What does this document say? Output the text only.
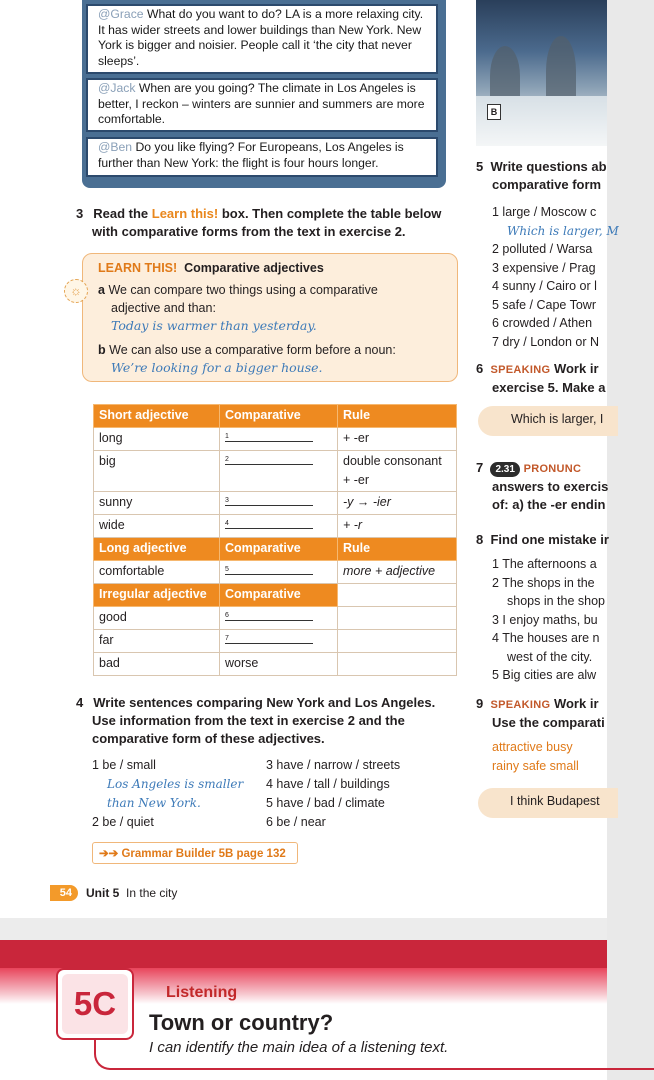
@Grace What do you want to do? LA is a more relaxing city. It has wider streets and lower buildings than New York. New York is bigger and noisier. People call it ‘the city that never sleeps’.
@Jack When are you going? The climate in Los Angeles is better, I reckon – winters are sunnier and summers are more comfortable.
@Ben Do you like flying? For Europeans, Los Angeles is further than New York: the flight is four hours longer.
B
3 Read the Learn this! box. Then complete the table below
with comparative forms from the text in exercise 2.
☼
LEARN THIS! Comparative adjectives
a We can compare two things using a comparative
adjective and than:
Today is warmer than yesterday.
b We can also use a comparative form before a noun:
We’re looking for a bigger house.
Short adjective	Comparative	Rule
long	1	+ -er
big	2	double consonant + -er
sunny	3	-y → -ier
wide	4	+ -r
Long adjective	Comparative	Rule
comfortable	5	more + adjective
Irregular adjective	Comparative	
good	6	
far	7	
bad	worse	
4 Write sentences comparing New York and Los Angeles.
Use information from the text in exercise 2 and the
comparative form of these adjectives.
1 be / small
Los Angeles is smaller
than New York.
2 be / quiet
3 have / narrow / streets
4 have / tall / buildings
5 have / bad / climate
6 be / near
➔➔ Grammar Builder 5B page 132
54	Unit 5 In the city
5 Write questions ab
comparative form
1 large / Moscow c
Which is larger, M
2 polluted / Warsa
3 expensive / Prag
4 sunny / Cairo or l
5 safe / Cape Towr
6 crowded / Athen
7 dry / London or N
6 SPEAKING Work ir
exercise 5. Make a
Which is larger, I
7 2.31 PRONUNC
answers to exercis
of: a) the -er endin
8 Find one mistake ir
1 The afternoons a
2 The shops in the
shops in the shop
3 I enjoy maths, bu
4 The houses are n
west of the city.
5 Big cities are alw
9 SPEAKING Work ir
Use the comparati
attractive busy
rainy safe small
I think Budapest
5C	Listening
Town or country?
I can identify the main idea of a listening text.
